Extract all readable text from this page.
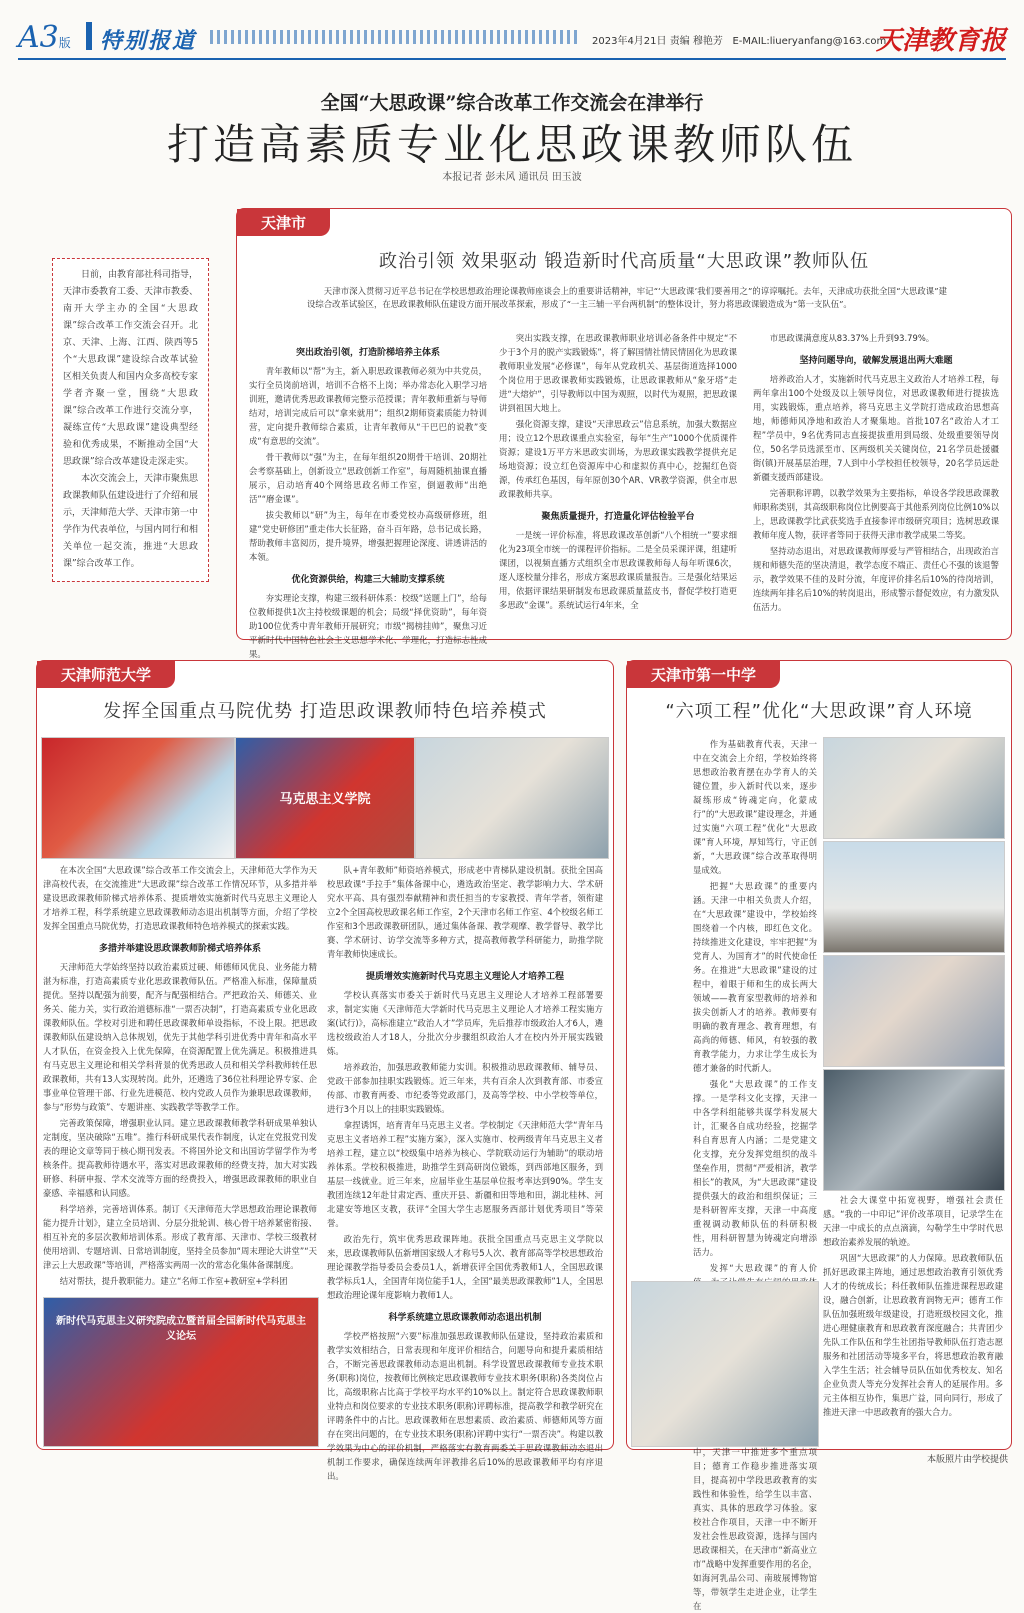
A3版 特别报道	2023年4月21日 责编 穆艳芳 E-MAIL:liueryanfang@163.com
天津教育报
全国“大思政课”综合改革工作交流会在津举行
打造高素质专业化思政课教师队伍
本报记者 彭未风 通讯员 田玉波

日前，由教育部社科司指导，天津市委教育工委、天津市教委、南开大学主办的全国“大思政课”综合改革工作交流会召开。北京、天津、上海、江西、陕西等5个“大思政课”建设综合改革试验区相关负责人和国内众多高校专家学者齐聚一堂，围绕“大思政课”综合改革工作进行交流分享，凝练宣传“大思政课”建设典型经验和优秀成果，不断推动全国“大思政课”综合改革建设走深走实。

本次交流会上，天津市聚焦思政课教师队伍建设进行了介绍和展示，天津师范大学、天津市第一中学作为代表单位，与国内同行和相关单位一起交流，推进“大思政课”综合改革工作。

天津市
政治引领 效果驱动 锻造新时代高质量“大思政课”教师队伍
天津市深入贯彻习近平总书记在学校思想政治理论课教师座谈会上的重要讲话精神，牢记“‘大思政课’我们要善用之”的谆谆嘱托。去年，天津成功获批全国“大思政课”建设综合改革试验区，在思政课教师队伍建设方面开展改革探索，形成了“一主三辅一平台两机制”的整体设计，努力将思政课锻造成为“第一支队伍”。

突出政治引领，打造阶梯培养主体系

青年教师以“帮”为主，新入职思政课教师必须为中共党员，实行全员岗前培训，培训不合格不上岗；举办常态化入职学习培训班，邀请优秀思政课教师完整示范授课；青年教师重新与导师结对，培训完成后可以“拿来就用”；组织2期师资素质能力特训营，定向提升教师综合素质，让青年教师从“干巴巴的说教”变成“有意思的交流”。

骨干教师以“强”为主，在每年组织20期骨干培训、20期社会考察基础上，创新设立“思政创新工作室”，每周随机抽课直播展示，启动培育40个网络思政名师工作室，倒逼教师“出绝活”“磨金课”。

拔尖教师以“研”为主，每年在市委党校办高级研修班，组建“党史研修团”重走伟大长征路，奋斗百年路，总书记成长路，帮助教师丰富阅历，提升境界，增强把握理论深度、讲透讲活的本领。

优化资源供给，构建三大辅助支撑系统

夯实理论支撑，构建三级科研体系：校级“送题上门”，给每位教师提供1次主持校级课题的机会；局级“择优资助”，每年资助100位优秀中青年教师开展研究；市级“揭榜挂帅”，聚焦习近平新时代中国特色社会主义思想学术化、学理化，打造标志性成果。

突出实践支撑，在思政课教师职业培训必备条件中规定“不少于3个月的脱产实践锻炼”，将了解国情社情民情固化为思政课教师职业发展“必修课”，每年从党政机关、基层街道选择1000个岗位用于思政课教师实践锻炼，让思政课教师从“象牙塔”走进“大熔炉”，引导教师以中国为观照，以时代为观照，把思政课讲到祖国大地上。

强化资源支撑，建设“天津思政云”信息系统，加强大数据应用；设立12个思政课重点实验室，每年“生产”1000个优质课件资源；建设1万平方米思政实训场，为思政课实践教学提供充足场地资源；设立红色资源库中心和虚拟仿真中心，挖掘红色资源，传承红色基因，每年原创30个AR、VR教学资源，供全市思政课教师共享。

聚焦质量提升，打造量化评估检验平台

一是统一评价标准，将思政课改革创新“八个相统一”要求细化为23项全市统一的课程评价指标。二是全员采课评课，组建听课团，以视频直播方式组织全市思政课教师每人每年听课6次，逐人逐校量分排名，形成方案思政课质量报告。三是强化结果运用，依据评课结果研制发布思政课质量蓝皮书，督促学校打造更多思政“金课”。系统试运行4年来，全

市思政课满意度从83.37%上升到93.79%。

坚持问题导向，破解发展退出两大难题

培养政治人才，实施新时代马克思主义政治人才培养工程，每两年拿出100个处级及以上领导岗位，对思政课教师进行提拔选用，实践锻炼，重点培养，将马克思主义学院打造成政治思想高地，师德师风净地和政治人才聚集地。首批107名“政治人才工程”学员中，9名优秀同志直接提拔重用到局级、处级重要领导岗位，50名学员选派至市、区两级机关关键岗位，21名学员赴援疆街(镇)开展基层治理，7人到中小学校担任校领导，20名学员远赴新疆支援西部建设。

完善职称评聘，以教学效果为主要指标，单设各学段思政课教师职称类别，其高级职称岗位比例要高于其他系列岗位比例10%以上，思政课教学比武获奖选手直接参评市级研究项目；选树思政课教师年度人物，获评者等同于获得天津市教学成果二等奖。

坚持动态退出，对思政课教师厚爱与严管相结合，出现政治言规和师德失范的坚决清退，教学态度不端正、责任心不强的该退警示，教学效果不佳的及时分流，年度评价排名后10%的待岗培训，连续两年排名后10%的转岗退出，形成警示督促效应，有力激发队伍活力。

天津师范大学
发挥全国重点马院优势 打造思政课教师特色培养模式
马克思主义学院

在本次全国“大思政课”综合改革工作交流会上，天津师范大学作为天津高校代表，在交流推进“大思政课”综合改革工作情况环节，从多措并举建设思政课教师阶梯式培养体系、提质增效实施新时代马克思主义理论人才培养工程，科学系统建立思政课教师动态退出机制等方面，介绍了学校发挥全国重点马院优势，打造思政课教师特色培养模式的探索实践。

多措并举建设思政课教师阶梯式培养体系

天津师范大学始终坚持以政治素质过硬、师德师风优良、业务能力精湛为标准，打造高素质专业化思政课教师队伍。严格准入标准，保障量质提优。坚持以配强为前要，配齐与配强相结合。严把政治关、师德关、业务关、能力关，实行政治道德标准“一票否决制”，打造高素质专业化思政课教师队伍。学校对引进和聘任思政课教师单设指标，不设上限。把思政课教师队伍建设纳入总体规划，优先于其他学科引进优秀中青年和高水平人才队伍，在资金投入上优先保障，在资源配置上优先满足。积极推进具有马克思主义理论和相关学科背景的优秀思政人员和相关学科教师转任思政课教师，共有13人实现转岗。此外，还遴选了36位社科理论界专家、企事业单位管理干部、行业先进模范、校内党政人员作为兼职思政课教师，参与“形势与政策”、专题讲座、实践教学等教学工作。

完善政策保障，增强职业认同。建立思政课教师教学科研成果单独认定制度，坚决破除“五唯”。推行科研成果代表作制度，认定在党报党刊发表的理论文章等同于核心期刊发表。不将国外论文和出国访学留学作为考核条件。提高教师待遇水平，落实对思政课教师的经费支持，加大对实践研修、科研申报、学术交流等方面的经费投入，增强思政课教师的职业自豪感、幸福感和认同感。

科学培养，完善培训体系。制订《天津师范大学思想政治理论课教师能力提升计划》，建立全员培训、分层分批轮训、核心骨干培养紧密衔接、相互补充的多层次教师培训体系。形成了教育部、天津市、学校三级教材使用培训、专题培训、日常培训制度，坚持全员参加“周末理论大讲堂”“天津云上大思政课”等培训，严格落实两周一次的常态化集体备课制度。

结对帮扶，提升教职能力。建立“名师工作室+教研室+学科团

队+青年教师”师资培养模式，形成老中青梯队建设机制。获批全国高校思政课“手拉手”集体备课中心，遴选政治坚定、教学影响力大、学术研究水平高、具有强烈奉献精神和责任担当的专家教授、青年学者，领衔建立2个全国高校思政课名师工作室，2个天津市名师工作室、4个校级名师工作室和3个思政课教研团队，通过集体备课、教学观摩、教学督导、教学比赛、学术研讨、访学交流等多种方式，提高教师教学科研能力，助推学院青年教师快速成长。

提质增效实施新时代马克思主义理论人才培养工程

学校认真落实市委关于新时代马克思主义理论人才培养工程部署要求，制定实施《天津师范大学新时代马克思主义理论人才培养工程实施方案(试行)》，高标准建立“政治人才”学员库，先后推荐市级政治人才6人，遴选校级政治人才18人，分批次分步骤组织政治人才在校内外开展实践锻炼。

培养政治，加强思政教师能力实训。积极推动思政课教师、辅导员、党政干部参加挂职实践锻炼。近三年来，共有百余人次到教育部、市委宣传部、市教育两委、市纪委等党政部门，及高等学校、中小学校等单位，进行3个月以上的挂职实践锻炼。

拿捏诱饵，培育青年马克思主义者。学校制定《天津师范大学“青年马克思主义者培养工程”实施方案》，深入实施市、校两级青年马克思主义者培养工程，建立以“校级集中培养为核心、学院联动运行为辅助”的联动培养体系。学校积极推进，助推学生到高研岗位锻炼，到西部地区服务，到基层一线就业。近三年来，应届毕业生基层单位报考率达到90%。学生支教团连续12年赴甘肃定西、重庆开县、新疆和田等地和田，湖北桂林、河北建安等地区支教，获评“全国大学生志愿服务西部计划优秀项目”等荣誉。

政治先行，筑牢优秀思政课阵地。获批全国重点马克思主义学院以来，思政课教师队伍新增国家级人才称号5人次、教育部高等学校思想政治理论课教学指导委员会委员1人，新增获评全国优秀教师1人，全国思政课教学标兵1人，全国青年岗位能手1人，全国“最美思政课教师”1人，全国思想政治理论课年度影响力教师1人。

科学系统建立思政课教师动态退出机制

学校严格按照“六要”标准加强思政课教师队伍建设，坚持政治素质和教学实效相结合，日常表现和年度评价相结合，问题导向和提升素质相结合，不断完善思政课教师动态退出机制。科学设置思政课教师专业技术职务(职称)岗位，按教师比例核定思政课教师专业技术职务(职称)各类岗位占比，高级职称占比高于学校平均水平约10%以上。制定符合思政课教师职业特点和岗位要求的专业技术职务(职称)评聘标准，提高教学和教学研究在评聘条件中的占比。思政课教师在思想素质、政治素质、师德师风等方面存在突出问题的，在专业技术职务(职称)评聘中实行“一票否决”。构建以教学效果为中心的评价机制，严格落实有教育两委关于思政课教师动态退出机制工作要求，确保连续两年评教排名后10%的思政课教师平均有序退出。

新时代马克思主义研究院成立暨首届全国新时代马克思主义论坛
天津市第一中学
“六项工程”优化“大思政课”育人环境

作为基础教育代表，天津一中在交流会上介绍，学校始终将思想政治教育摆在办学育人的关键位置，步入新时代以来，逐步凝练形成“铸魂定向，化蒙成行”的“大思政课”建设理念，并通过实施“六项工程”优化“大思政课”育人环境，厚知笃行，守正创新，“大思政课”综合改革取得明显成效。

把握“大思政课”的重要内涵。天津一中相关负责人介绍，在“大思政课”建设中，学校始终围绕着一个内核，即红色文化。持续推进文化建设，牢牢把握“为党育人、为国育才”的时代使命任务。在推进“大思政课”建设的过程中，着眼于师和生的成长两大领域——教育家型教师的培养和拔尖创新人才的培养。教师要有明确的教育理念、教育理想，有高尚的师德、师风，有较强的教育教学能力，力求让学生成长为德才兼备的时代新人。

强化“大思政课”的工作支撑。一是学科文化支撑，天津一中各学科组能够共谋学科发展大计，汇聚各自成功经验，挖掘学科自育思育人内涵；二是党建文化支撑，充分发挥党组织的战斗堡垒作用，贯彻“严爱相济，教学相长”的教风，为“大思政课”建设提供强大的政治和组织保证；三是科研智库支撑，天津一中高度重视调动教师队伍的科研积极性，用科研智慧为铸魂定向增添活力。

发挥“大思政课”的育人价

中，天津一中推进多个重点项目；德育工作稳步推进落实项目，提高初中学段思政教育的实践性和体验性，给学生以丰富、真实、具体的思政学习体验。家校社合作项目，天津一中不断开发社会性思政资源，选择与国内思政课相关，在天津市“新高业立市”战略中发挥重要作用的名企，如海河乳品公司、南玻展博物馆等，带领学生走进企业，让学生在

社会大课堂中拓宽视野，增强社会责任感。“我的一中印记”评价改革项目，记录学生在天津一中成长的点点滴滴，勾勒学生中学时代思想政治素养发展的轨迹。

巩固“大思政课”的人力保障。思政教师队伍抓好思政课主阵地，通过思想政治教育引领优秀人才的传统成长；科任教师队伍推进课程思政建设，融合创新，让思政教育润物无声；德育工作队伍加强班级年级建设，打造班级校园文化，推进心理健康教育和思政教育深度融合；共青团少先队工作队伍和学生社团指导教师队伍打造志愿服务和社团活动等境多平台，将思想政治教育融入学生生活；社会辅导员队伍如优秀校友、知名企业负责人等充分发挥社会育人的延展作用。多元主体相互协作，集思广益，同向同行，形成了推进天津一中思政教育的强大合力。

本版照片由学校提供
